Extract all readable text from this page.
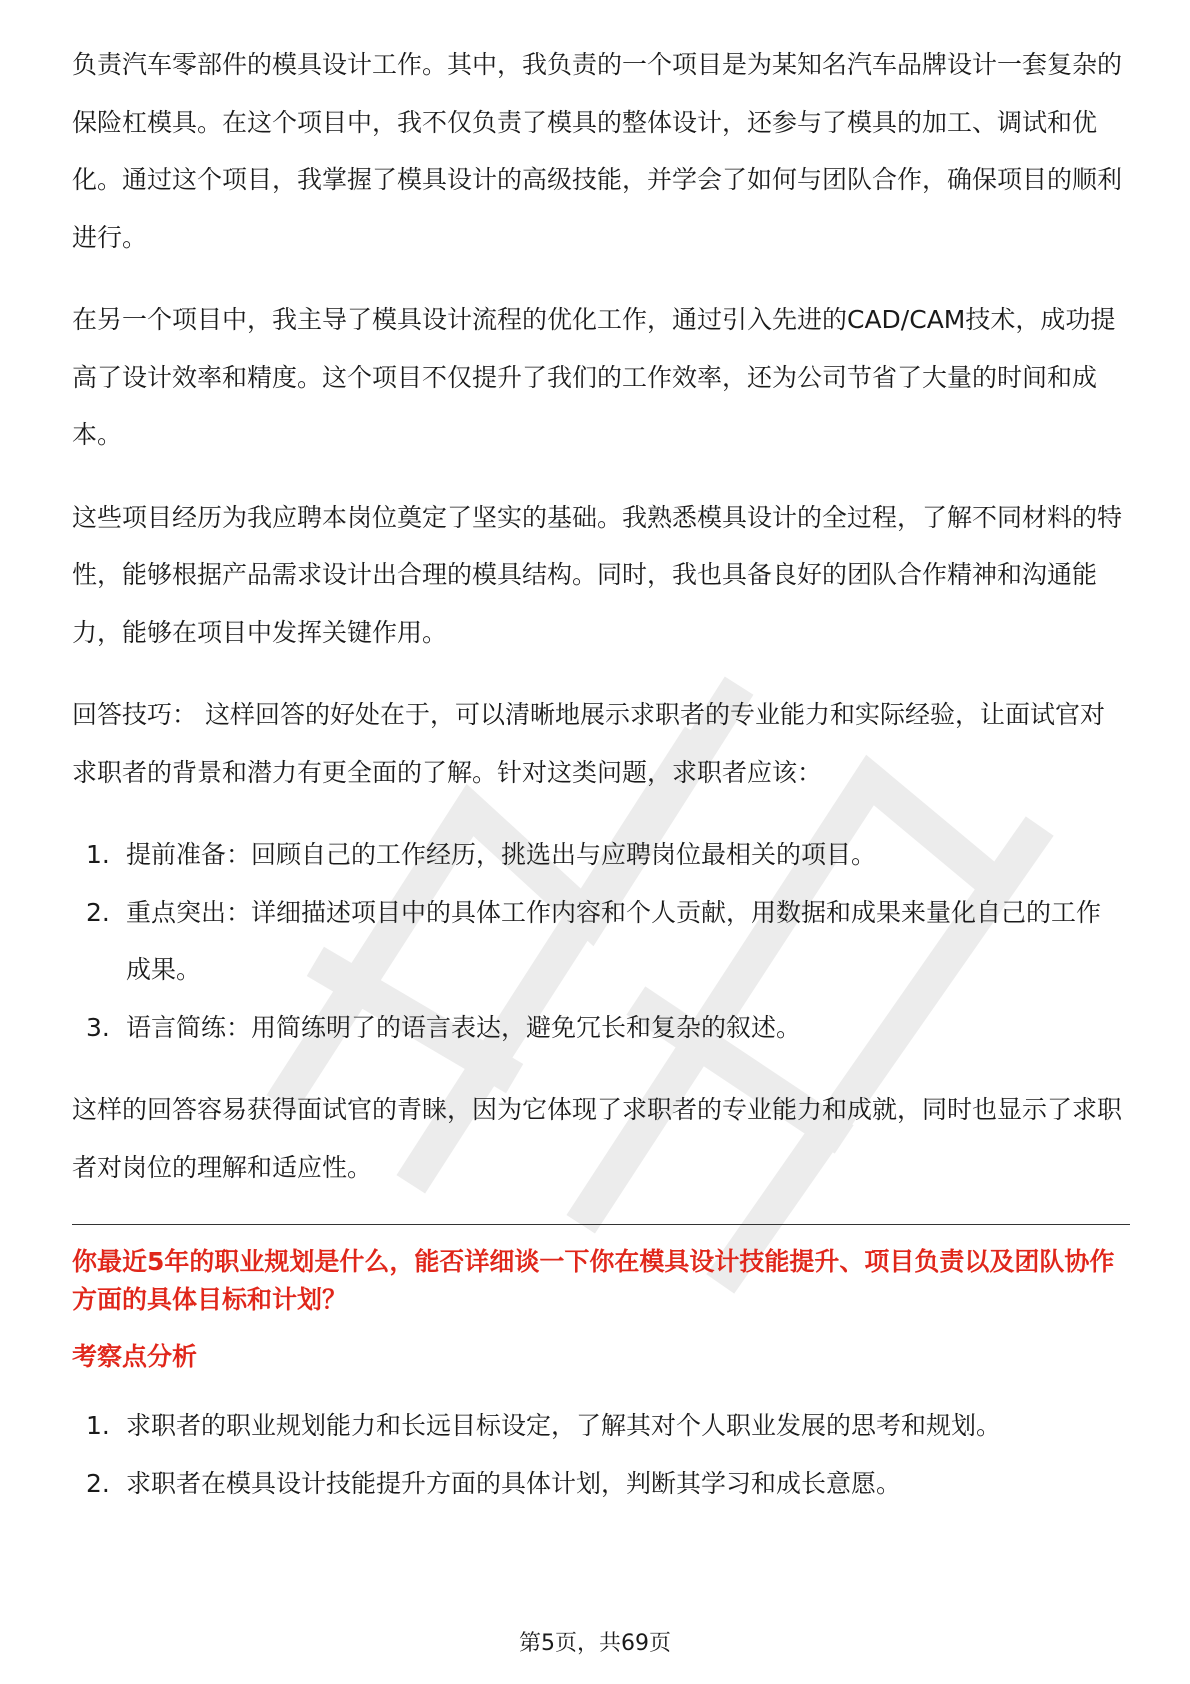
负责汽车零部件的模具设计工作。其中，我负责的一个项目是为某知名汽车品牌设计一套复杂的保险杠模具。在这个项目中，我不仅负责了模具的整体设计，还参与了模具的加工、调试和优化。通过这个项目，我掌握了模具设计的高级技能，并学会了如何与团队合作，确保项目的顺利进行。

在另一个项目中，我主导了模具设计流程的优化工作，通过引入先进的CAD/CAM技术，成功提高了设计效率和精度。这个项目不仅提升了我们的工作效率，还为公司节省了大量的时间和成本。

这些项目经历为我应聘本岗位奠定了坚实的基础。我熟悉模具设计的全过程，了解不同材料的特性，能够根据产品需求设计出合理的模具结构。同时，我也具备良好的团队合作精神和沟通能力，能够在项目中发挥关键作用。

回答技巧： 这样回答的好处在于，可以清晰地展示求职者的专业能力和实际经验，让面试官对求职者的背景和潜力有更全面的了解。针对这类问题，求职者应该：

1. 提前准备：回顾自己的工作经历，挑选出与应聘岗位最相关的项目。
2. 重点突出：详细描述项目中的具体工作内容和个人贡献，用数据和成果来量化自己的工作成果。
3. 语言简练：用简练明了的语言表达，避免冗长和复杂的叙述。

这样的回答容易获得面试官的青睐，因为它体现了求职者的专业能力和成就，同时也显示了求职者对岗位的理解和适应性。

你最近5年的职业规划是什么，能否详细谈一下你在模具设计技能提升、项目负责以及团队协作方面的具体目标和计划？

考察点分析

1. 求职者的职业规划能力和长远目标设定，了解其对个人职业发展的思考和规划。
2. 求职者在模具设计技能提升方面的具体计划，判断其学习和成长意愿。
第5页，共69页
